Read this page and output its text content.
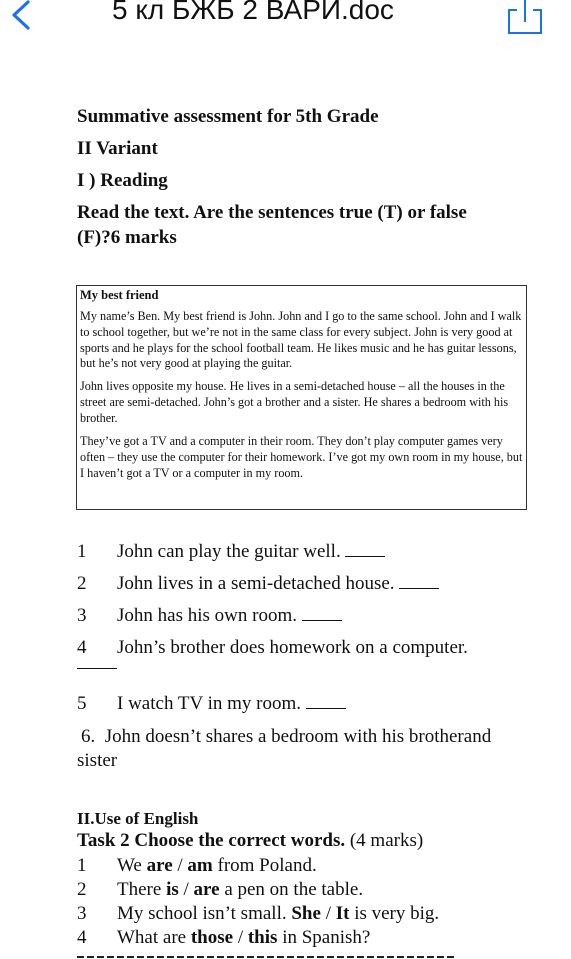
Summative assessment for 5th Grade
II Variant
I ) Reading
Read the text. Are the sentences true (T) or false
(F)?6 marks
My best friend
My name’s Ben. My best friend is John. John and I go to the same school. John and I walk to school together, but we’re not in the same class for every subject. John is very good at sports and he plays for the school football team. He likes music and he has guitar lessons, but he’s not very good at playing the guitar.
John lives opposite my house. He lives in a semi-detached house – all the houses in the street are semi-detached. John’s got a brother and a sister. He shares a bedroom with his brother.
They’ve got a TV and a computer in their room. They don’t play computer games very often – they use the computer for their homework. I’ve got my own room in my house, but I haven’t got a TV or a computer in my room.
1 John can play the guitar well.
2 John lives in a semi-detached house.
3 John has his own room.
4 John’s brother does homework on a computer.
5 I watch TV in my room.
6. John doesn’t shares a bedroom with his brotherand
sister
II.Use of English
Task 2 Choose the correct words. (4 marks)
1 We are / am from Poland.
2 There is / are a pen on the table.
3 My school isn’t small. She / It is very big.
4 What are those / this in Spanish?
5 кл БЖБ 2 ВАРИ.doc
